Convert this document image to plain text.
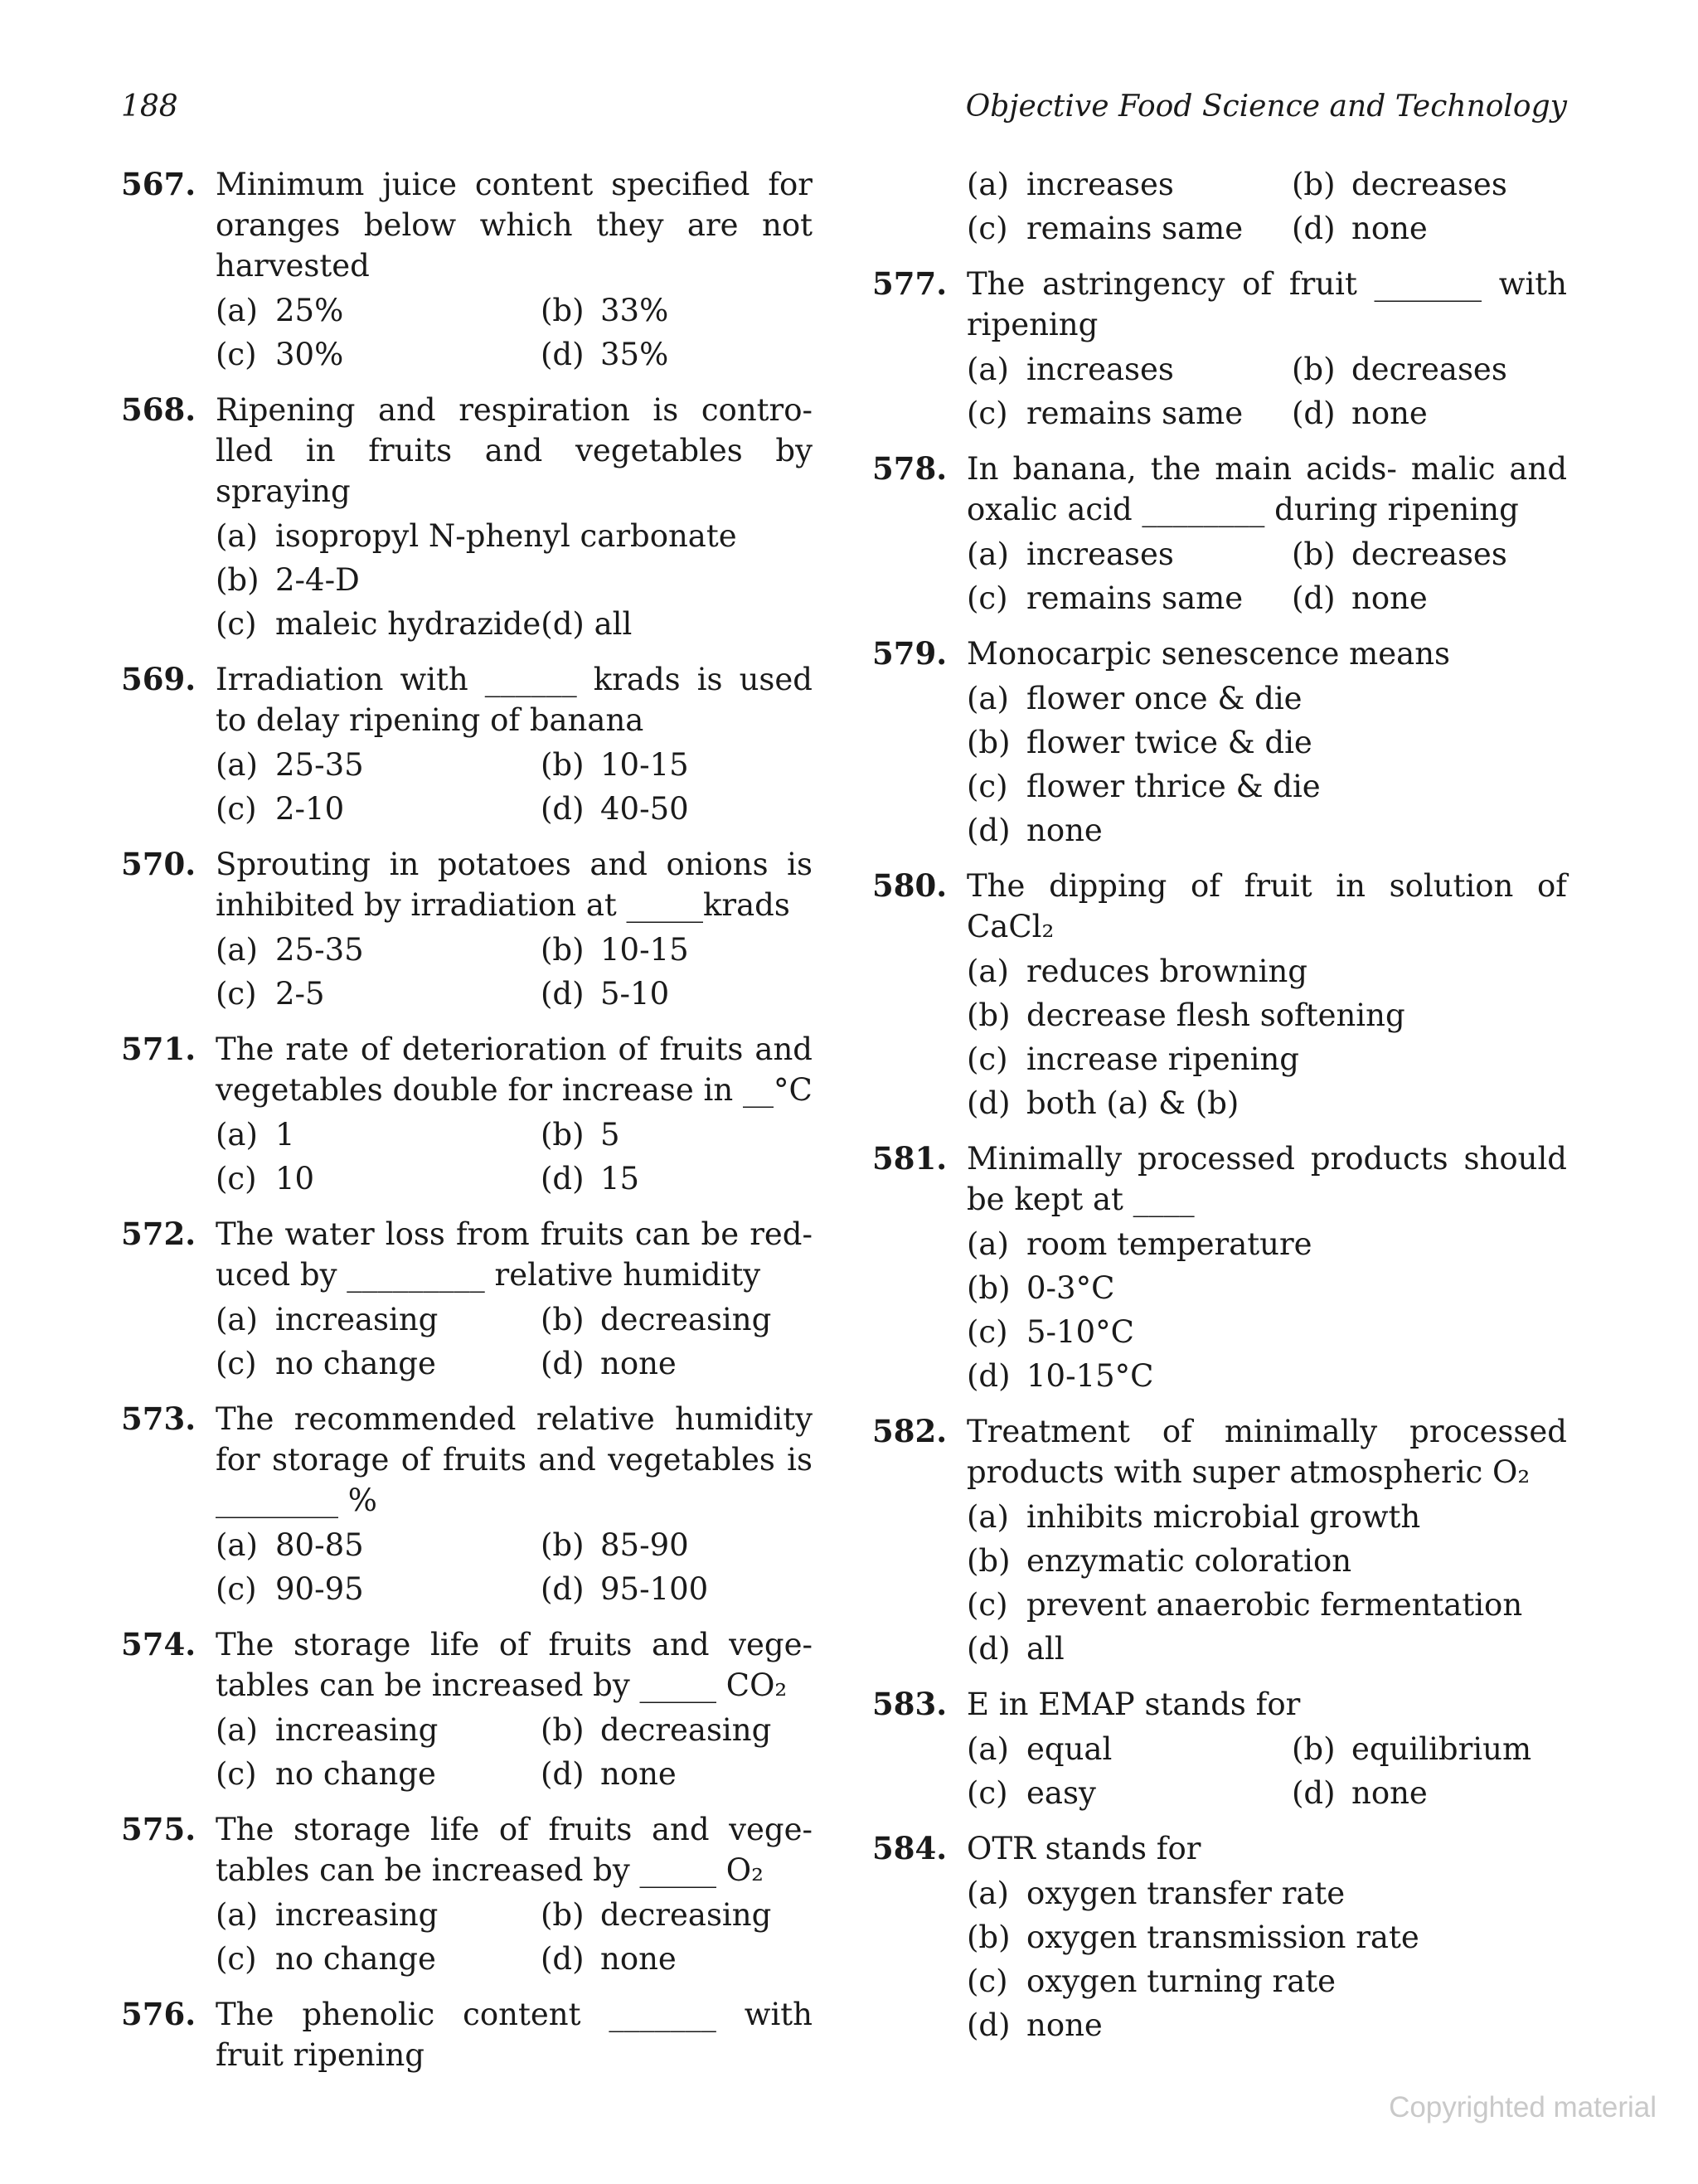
188	Objective Food Science and Technology
567. Minimum juice content specified for oranges below which they are not harvested
(a) 25%	(b) 33%
(c) 30%	(d) 35%
568. Ripening and respiration is contro-lled in fruits and vegetables by spraying
(a) isopropyl N-phenyl carbonate
(b) 2-4-D
(c) maleic hydrazide(d) all
569. Irradiation with ______ krads is used to delay ripening of banana
(a) 25-35	(b) 10-15
(c) 2-10	(d) 40-50
570. Sprouting in potatoes and onions is inhibited by irradiation at _____krads
(a) 25-35	(b) 10-15
(c) 2-5	(d) 5-10
571. The rate of deterioration of fruits and vegetables double for increase in __°C
(a) 1	(b) 5
(c) 10	(d) 15
572. The water loss from fruits can be red-uced by _________ relative humidity
(a) increasing	(b) decreasing
(c) no change	(d) none
573. The recommended relative humidity for storage of fruits and vegetables is ________ %
(a) 80-85	(b) 85-90
(c) 90-95	(d) 95-100
574. The storage life of fruits and vege-tables can be increased by _____ CO₂
(a) increasing	(b) decreasing
(c) no change	(d) none
575. The storage life of fruits and vege-tables can be increased by _____ O₂
(a) increasing	(b) decreasing
(c) no change	(d) none
576. The phenolic content _______ with fruit ripening
(a) increases	(b) decreases
(c) remains same	(d) none
577. The astringency of fruit _______ with ripening
(a) increases	(b) decreases
(c) remains same	(d) none
578. In banana, the main acids- malic and oxalic acid ________ during ripening
(a) increases	(b) decreases
(c) remains same	(d) none
579. Monocarpic senescence means
(a) flower once & die
(b) flower twice & die
(c) flower thrice & die
(d) none
580. The dipping of fruit in solution of CaCl₂
(a) reduces browning
(b) decrease flesh softening
(c) increase ripening
(d) both (a) & (b)
581. Minimally processed products should be kept at ____
(a) room temperature
(b) 0-3°C
(c) 5-10°C
(d) 10-15°C
582. Treatment of minimally processed products with super atmospheric O₂
(a) inhibits microbial growth
(b) enzymatic coloration
(c) prevent anaerobic fermentation
(d) all
583. E in EMAP stands for
(a) equal	(b) equilibrium
(c) easy	(d) none
584. OTR stands for
(a) oxygen transfer rate
(b) oxygen transmission rate
(c) oxygen turning rate
(d) none
Copyrighted material
